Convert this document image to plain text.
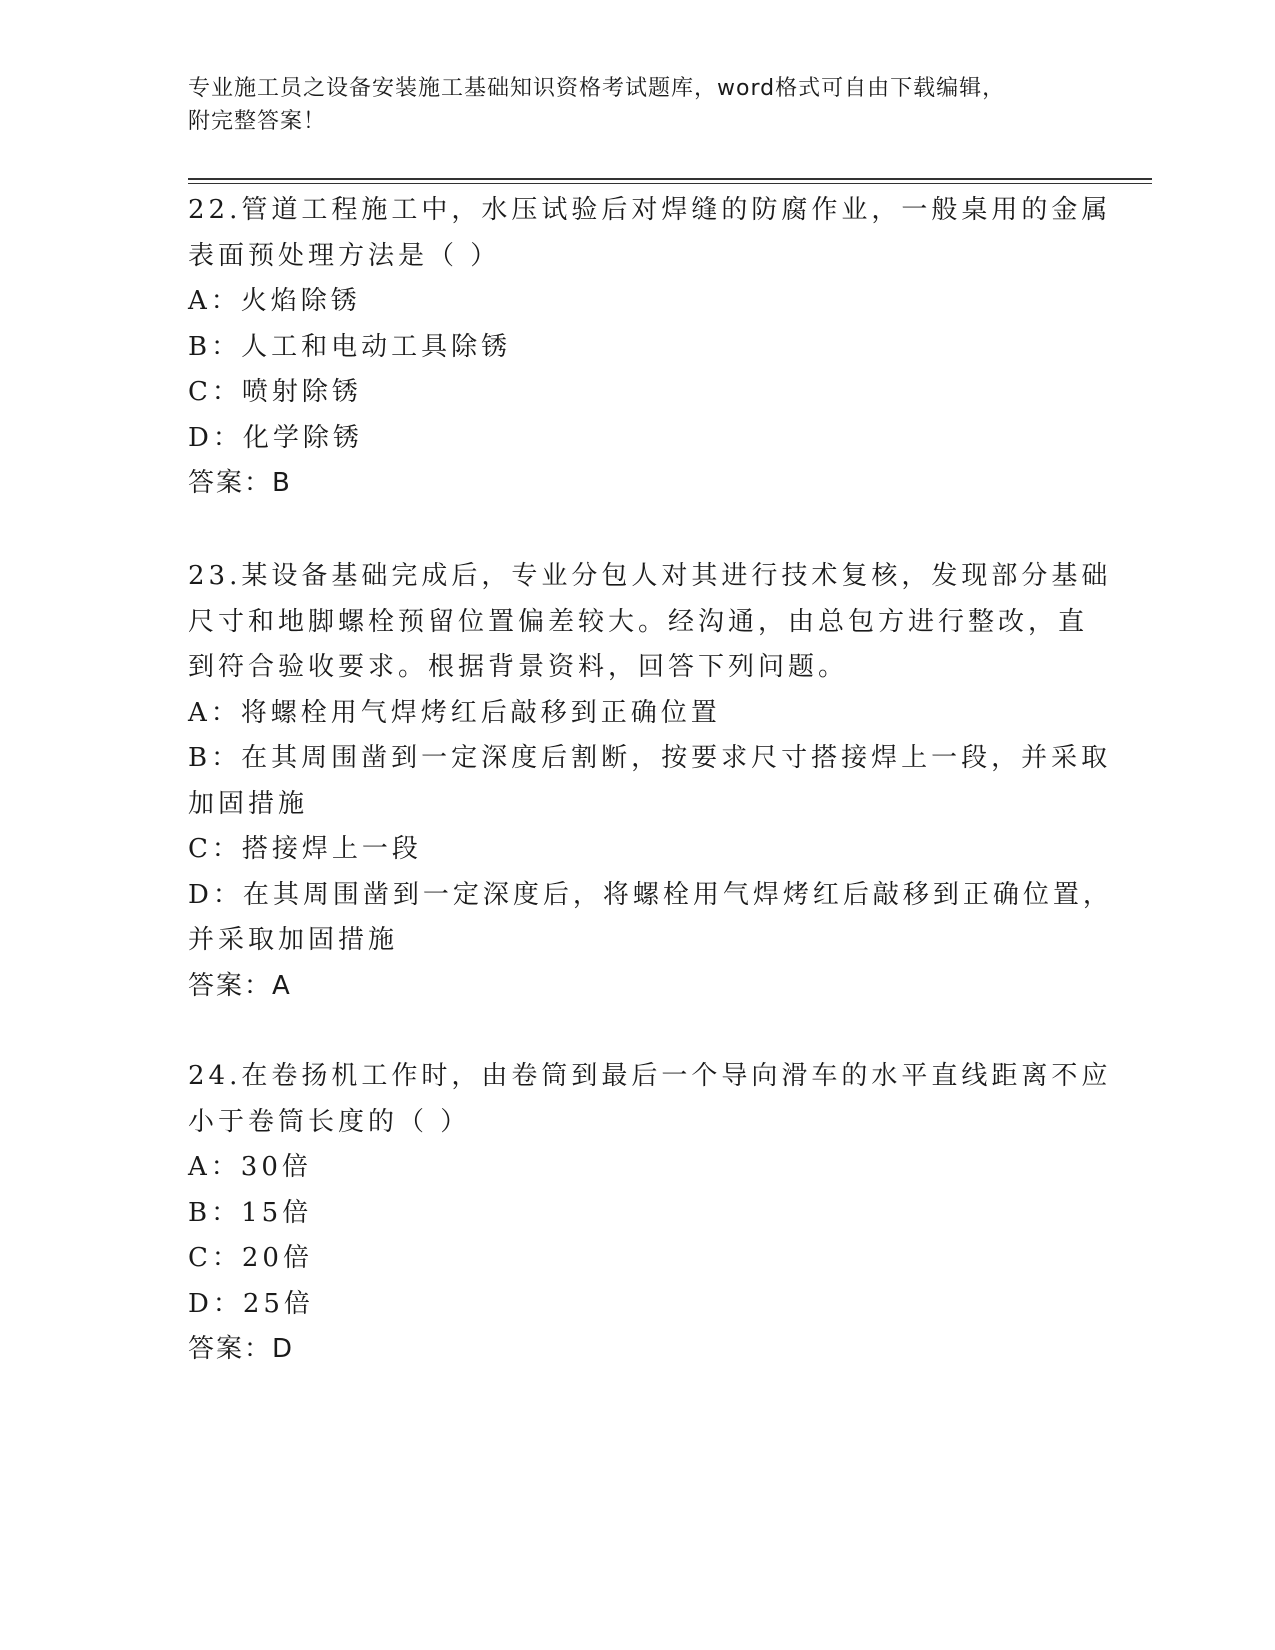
专业施工员之设备安装施工基础知识资格考试题库，word格式可自由下载编辑，
附完整答案！
22.管道工程施工中，水压试验后对焊缝的防腐作业，一般桌用的金属
表面预处理方法是（ ）
A：火焰除锈
B：人工和电动工具除锈
C：喷射除锈
D：化学除锈
答案：B
23.某设备基础完成后，专业分包人对其进行技术复核，发现部分基础
尺寸和地脚螺栓预留位置偏差较大。经沟通，由总包方进行整改，直
到符合验收要求。根据背景资料，回答下列问题。
A：将螺栓用气焊烤红后敲移到正确位置
B：在其周围凿到一定深度后割断，按要求尺寸搭接焊上一段，并采取
加固措施
C：搭接焊上一段
D：在其周围凿到一定深度后，将螺栓用气焊烤红后敲移到正确位置，
并采取加固措施
答案：A
24.在卷扬机工作时，由卷筒到最后一个导向滑车的水平直线距离不应
小于卷筒长度的（ ）
A：30倍
B：15倍
C：20倍
D：25倍
答案：D
